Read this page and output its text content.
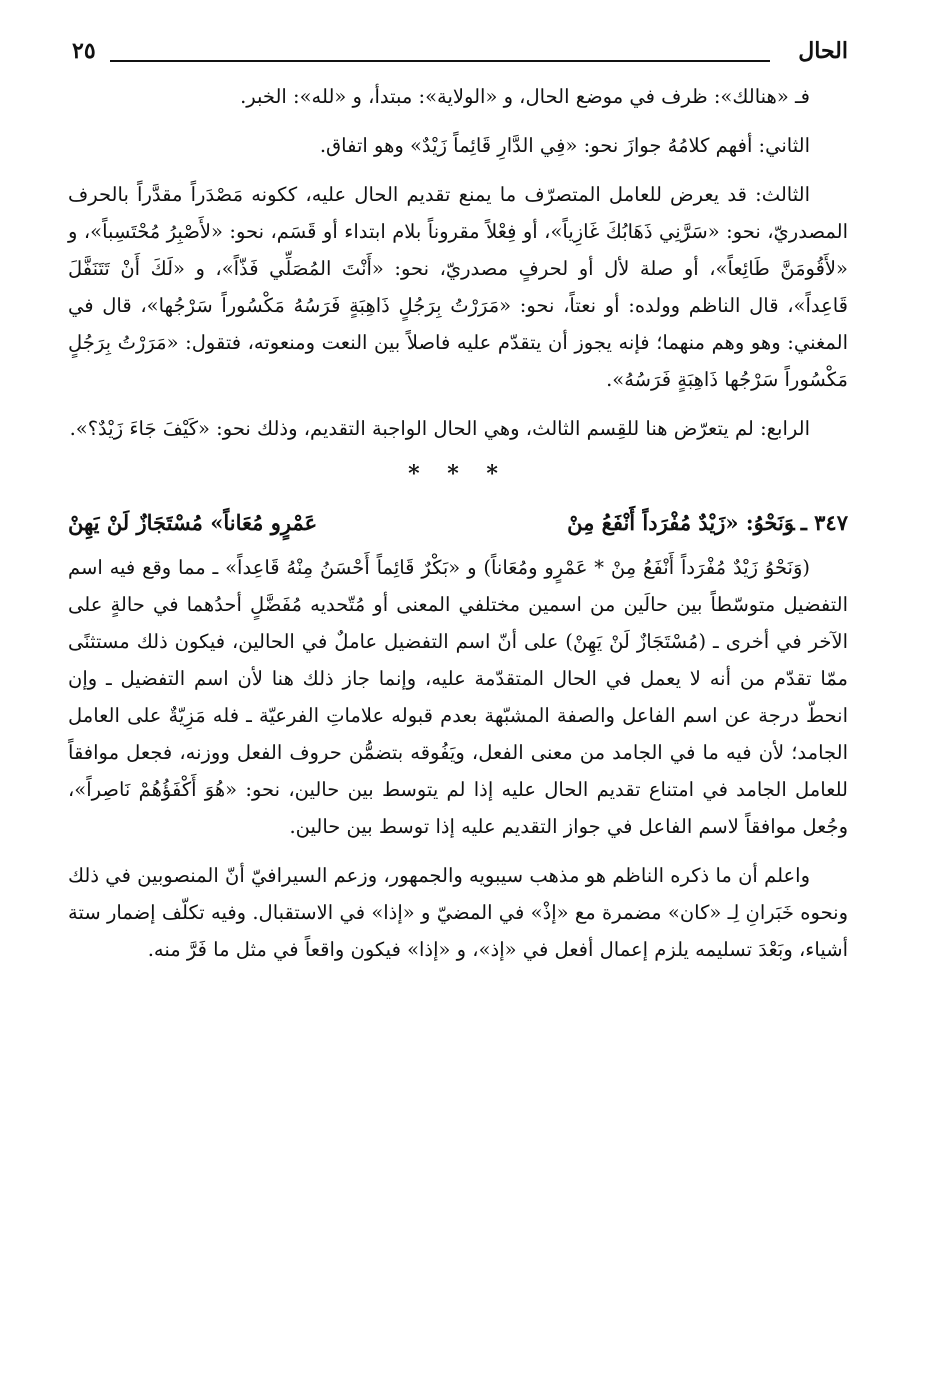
الحال
٢٥

فـ «هنالك»: ظرف في موضع الحال، و «الولاية»: مبتدأ، و «لله»: الخبر.

الثاني: أفهم كلامُهُ جوازَ نحو: «فِي الدَّارِ قَائِماً زَيْدٌ» وهو اتفاق.

الثالث: قد يعرض للعامل المتصرّف ما يمنع تقديم الحال عليه، ككونه مَصْدَراً مقدَّراً بالحرف المصدريّ، نحو: «سَرَّنِي ذَهَابُكَ غَازِياً»، أو فِعْلاً مقروناً بلام ابتداء أو قَسَم، نحو: «لأَصْبِرُ مُحْتَسِباً»، و «لأَقُومَنَّ طَائِعاً»، أو صلة لأل أو لحرفٍ مصدريّ، نحو: «أَنْتَ المُصَلِّي فَذّاً»، و «لَكَ أَنْ تَتَنَفَّلَ قَاعِداً»، قال الناظم وولده: أو نعتاً، نحو: «مَرَرْتُ بِرَجُلٍ ذَاهِبَةٍ فَرَسُهُ مَكْسُوراً سَرْجُها»، قال في المغني: وهو وهم منهما؛ فإنه يجوز أن يتقدّم عليه فاصلاً بين النعت ومنعوته، فتقول: «مَرَرْتُ بِرَجُلٍ مَكْسُوراً سَرْجُها ذَاهِبَةٍ فَرَسُهُ».

الرابع: لم يتعرّض هنا للقِسم الثالث، وهي الحال الواجبة التقديم، وذلك نحو: «كَيْفَ جَاءَ زَيْدٌ؟».

* * *
٣٤٧ ـوَنَحْوُ: «زَيْدٌ مُفْرَداً أَنْفَعُ مِنْ
عَمْرٍو مُعَاناً» مُسْتَجَازٌ لَنْ يَهِنْ

(وَنَحْوُ زَيْدٌ مُفْرَداً أَنْفَعُ مِنْ * عَمْرٍو ومُعَاناً) و «بَكْرٌ قَائِماً أَحْسَنُ مِنْهُ قَاعِداً» ـ مما وقع فيه اسم التفضيل متوسّطاً بين حالَين من اسمين مختلفي المعنى أو مُتّحديه مُفَضَّلٍ أحدُهما في حالةٍ على الآخر في أخرى ـ (مُسْتَجَازٌ لَنْ يَهِنْ) على أنّ اسم التفضيل عاملٌ في الحالين، فيكون ذلك مستثنًى ممّا تقدّم من أنه لا يعمل في الحال المتقدّمة عليه، وإنما جاز ذلك هنا لأن اسم التفضيل ـ وإن انحطّ درجة عن اسم الفاعل والصفة المشبّهة بعدم قبوله علاماتِ الفرعيّة ـ فله مَزِيّةٌ على العامل الجامد؛ لأن فيه ما في الجامد من معنى الفعل، ويَفُوقه بتضمُّن حروف الفعل ووزنه، فجعل موافقاً للعامل الجامد في امتناع تقديم الحال عليه إذا لم يتوسط بين حالين، نحو: «هُوَ أَكْفَؤُهُمْ نَاصِراً»، وجُعل موافقاً لاسم الفاعل في جواز التقديم عليه إذا توسط بين حالين.

واعلم أن ما ذكره الناظم هو مذهب سيبويه والجمهور، وزعم السيرافيّ أنّ المنصوبين في ذلك ونحوه خَبَرانِ لِـ «كان» مضمرة مع «إذْ» في المضيّ و «إذا» في الاستقبال. وفيه تكلّف إضمار ستة أشياء، وبَعْدَ تسليمه يلزم إعمال أفعل في «إذ»، و «إذا» فيكون واقعاً في مثل ما فَرَّ منه.
